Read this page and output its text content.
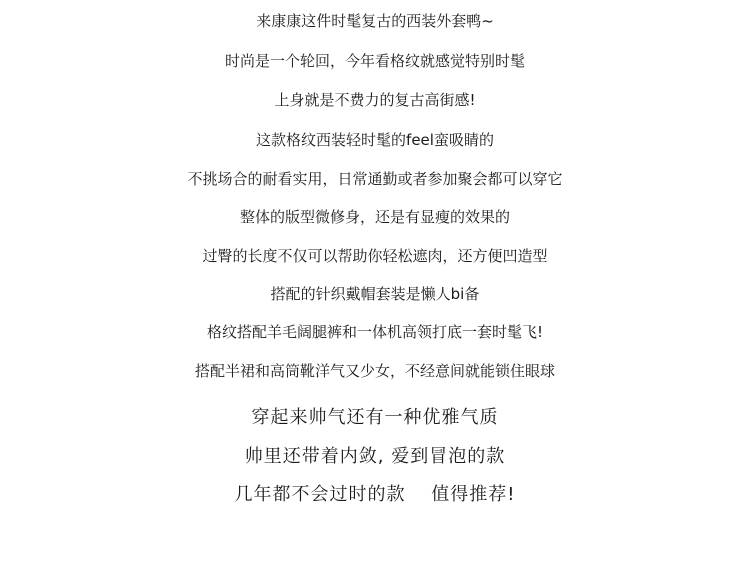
来康康这件时髦复古的西装外套鸭~
时尚是一个轮回，今年看格纹就感觉特别时髦
上身就是不费力的复古高街感!
这款格纹西装轻时髦的feel蛮吸睛的
不挑场合的耐看实用，日常通勤或者参加聚会都可以穿它
整体的版型微修身，还是有显瘦的效果的
过臀的长度不仅可以帮助你轻松遮肉，还方便凹造型
搭配的针织戴帽套装是懒人bi备
格纹搭配羊毛阔腿裤和一体机高领打底一套时髦飞!
搭配半裙和高筒靴洋气又少女，不经意间就能锁住眼球
穿起来帅气还有一种优雅气质
帅里还带着内敛, 爱到冒泡的款
几年都不会过时的款　 值得推荐!
